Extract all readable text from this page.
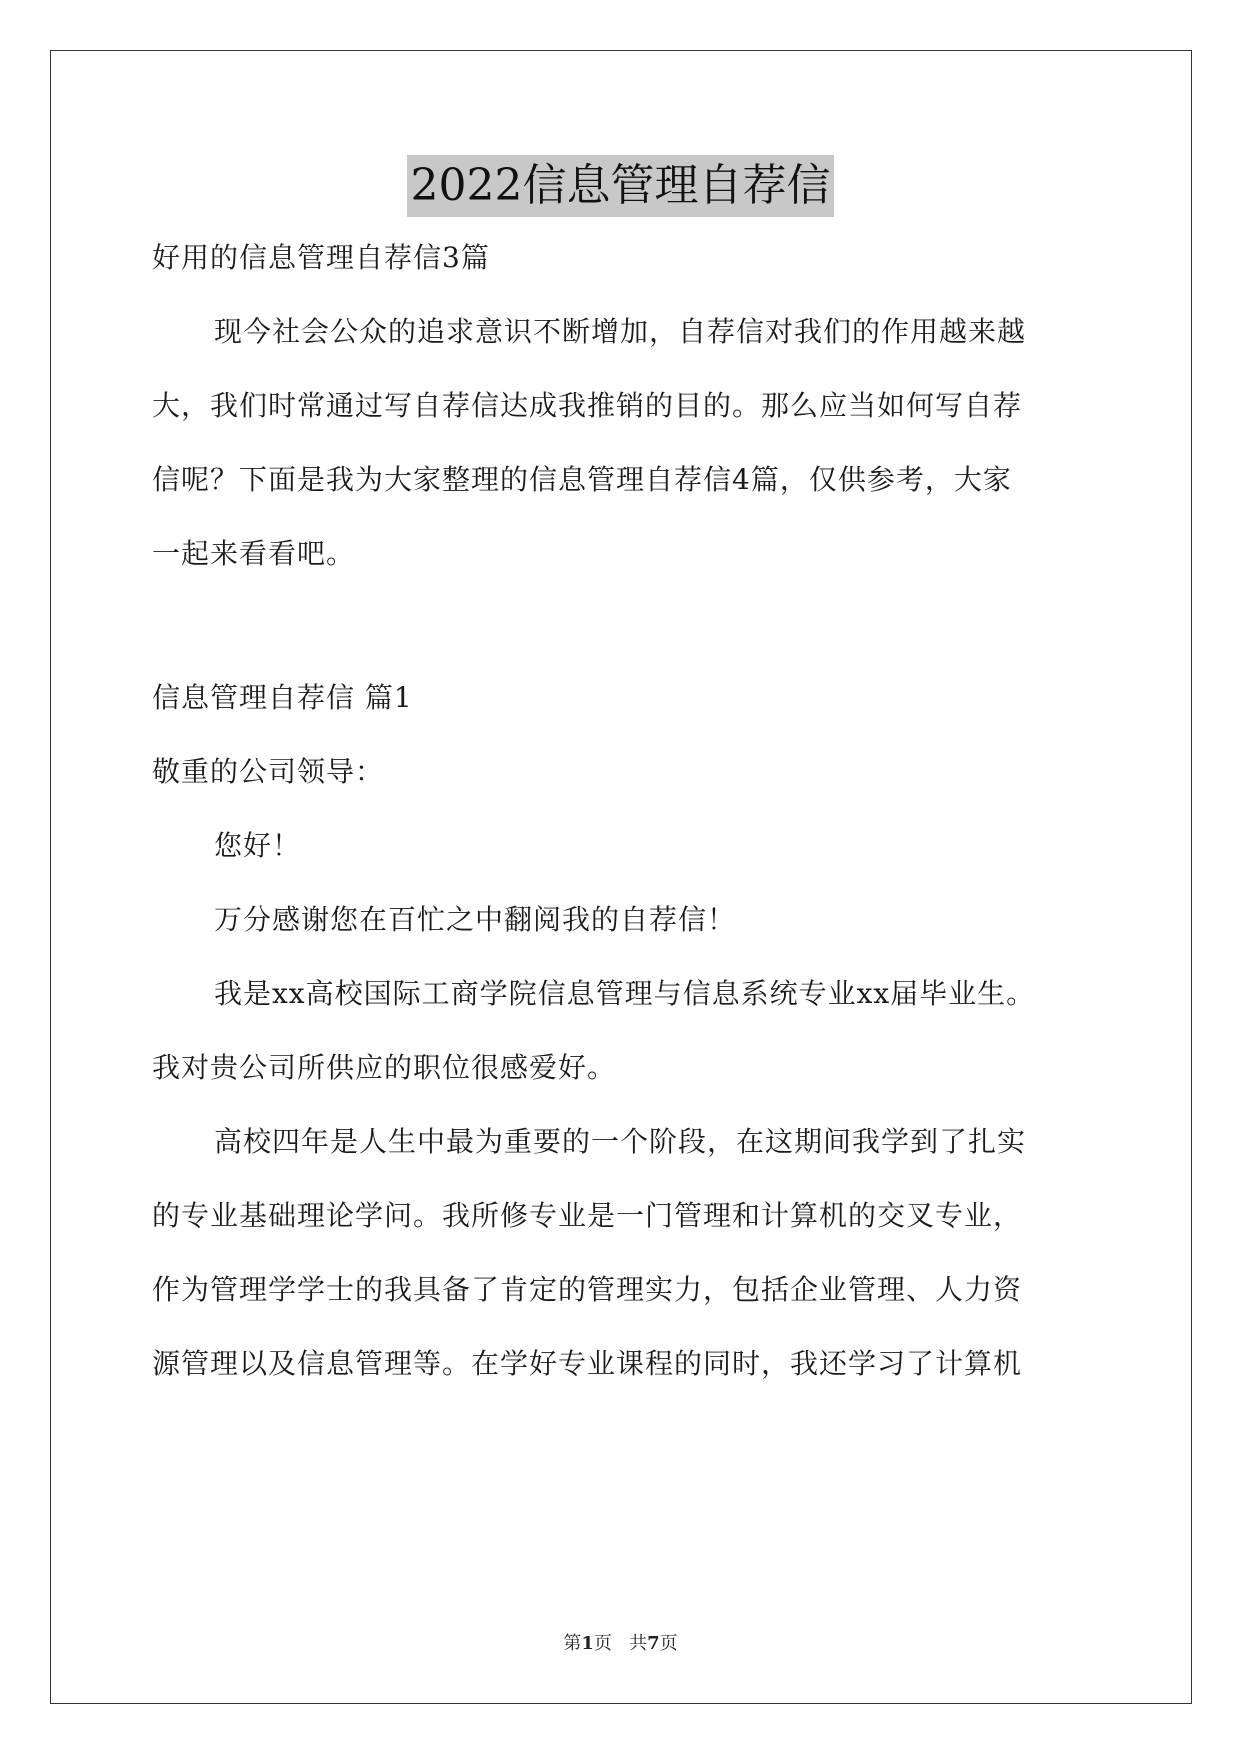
2022信息管理自荐信
好用的信息管理自荐信3篇
现今社会公众的追求意识不断增加，自荐信对我们的作用越来越
大，我们时常通过写自荐信达成我推销的目的。那么应当如何写自荐
信呢？下面是我为大家整理的信息管理自荐信4篇，仅供参考，大家
一起来看看吧。
信息管理自荐信 篇1
敬重的公司领导：
您好！
万分感谢您在百忙之中翻阅我的自荐信！
我是xx高校国际工商学院信息管理与信息系统专业xx届毕业生。
我对贵公司所供应的职位很感爱好。
高校四年是人生中最为重要的一个阶段，在这期间我学到了扎实
的专业基础理论学问。我所修专业是一门管理和计算机的交叉专业，
作为管理学学士的我具备了肯定的管理实力，包括企业管理、人力资
源管理以及信息管理等。在学好专业课程的同时，我还学习了计算机
第1页 共7页
